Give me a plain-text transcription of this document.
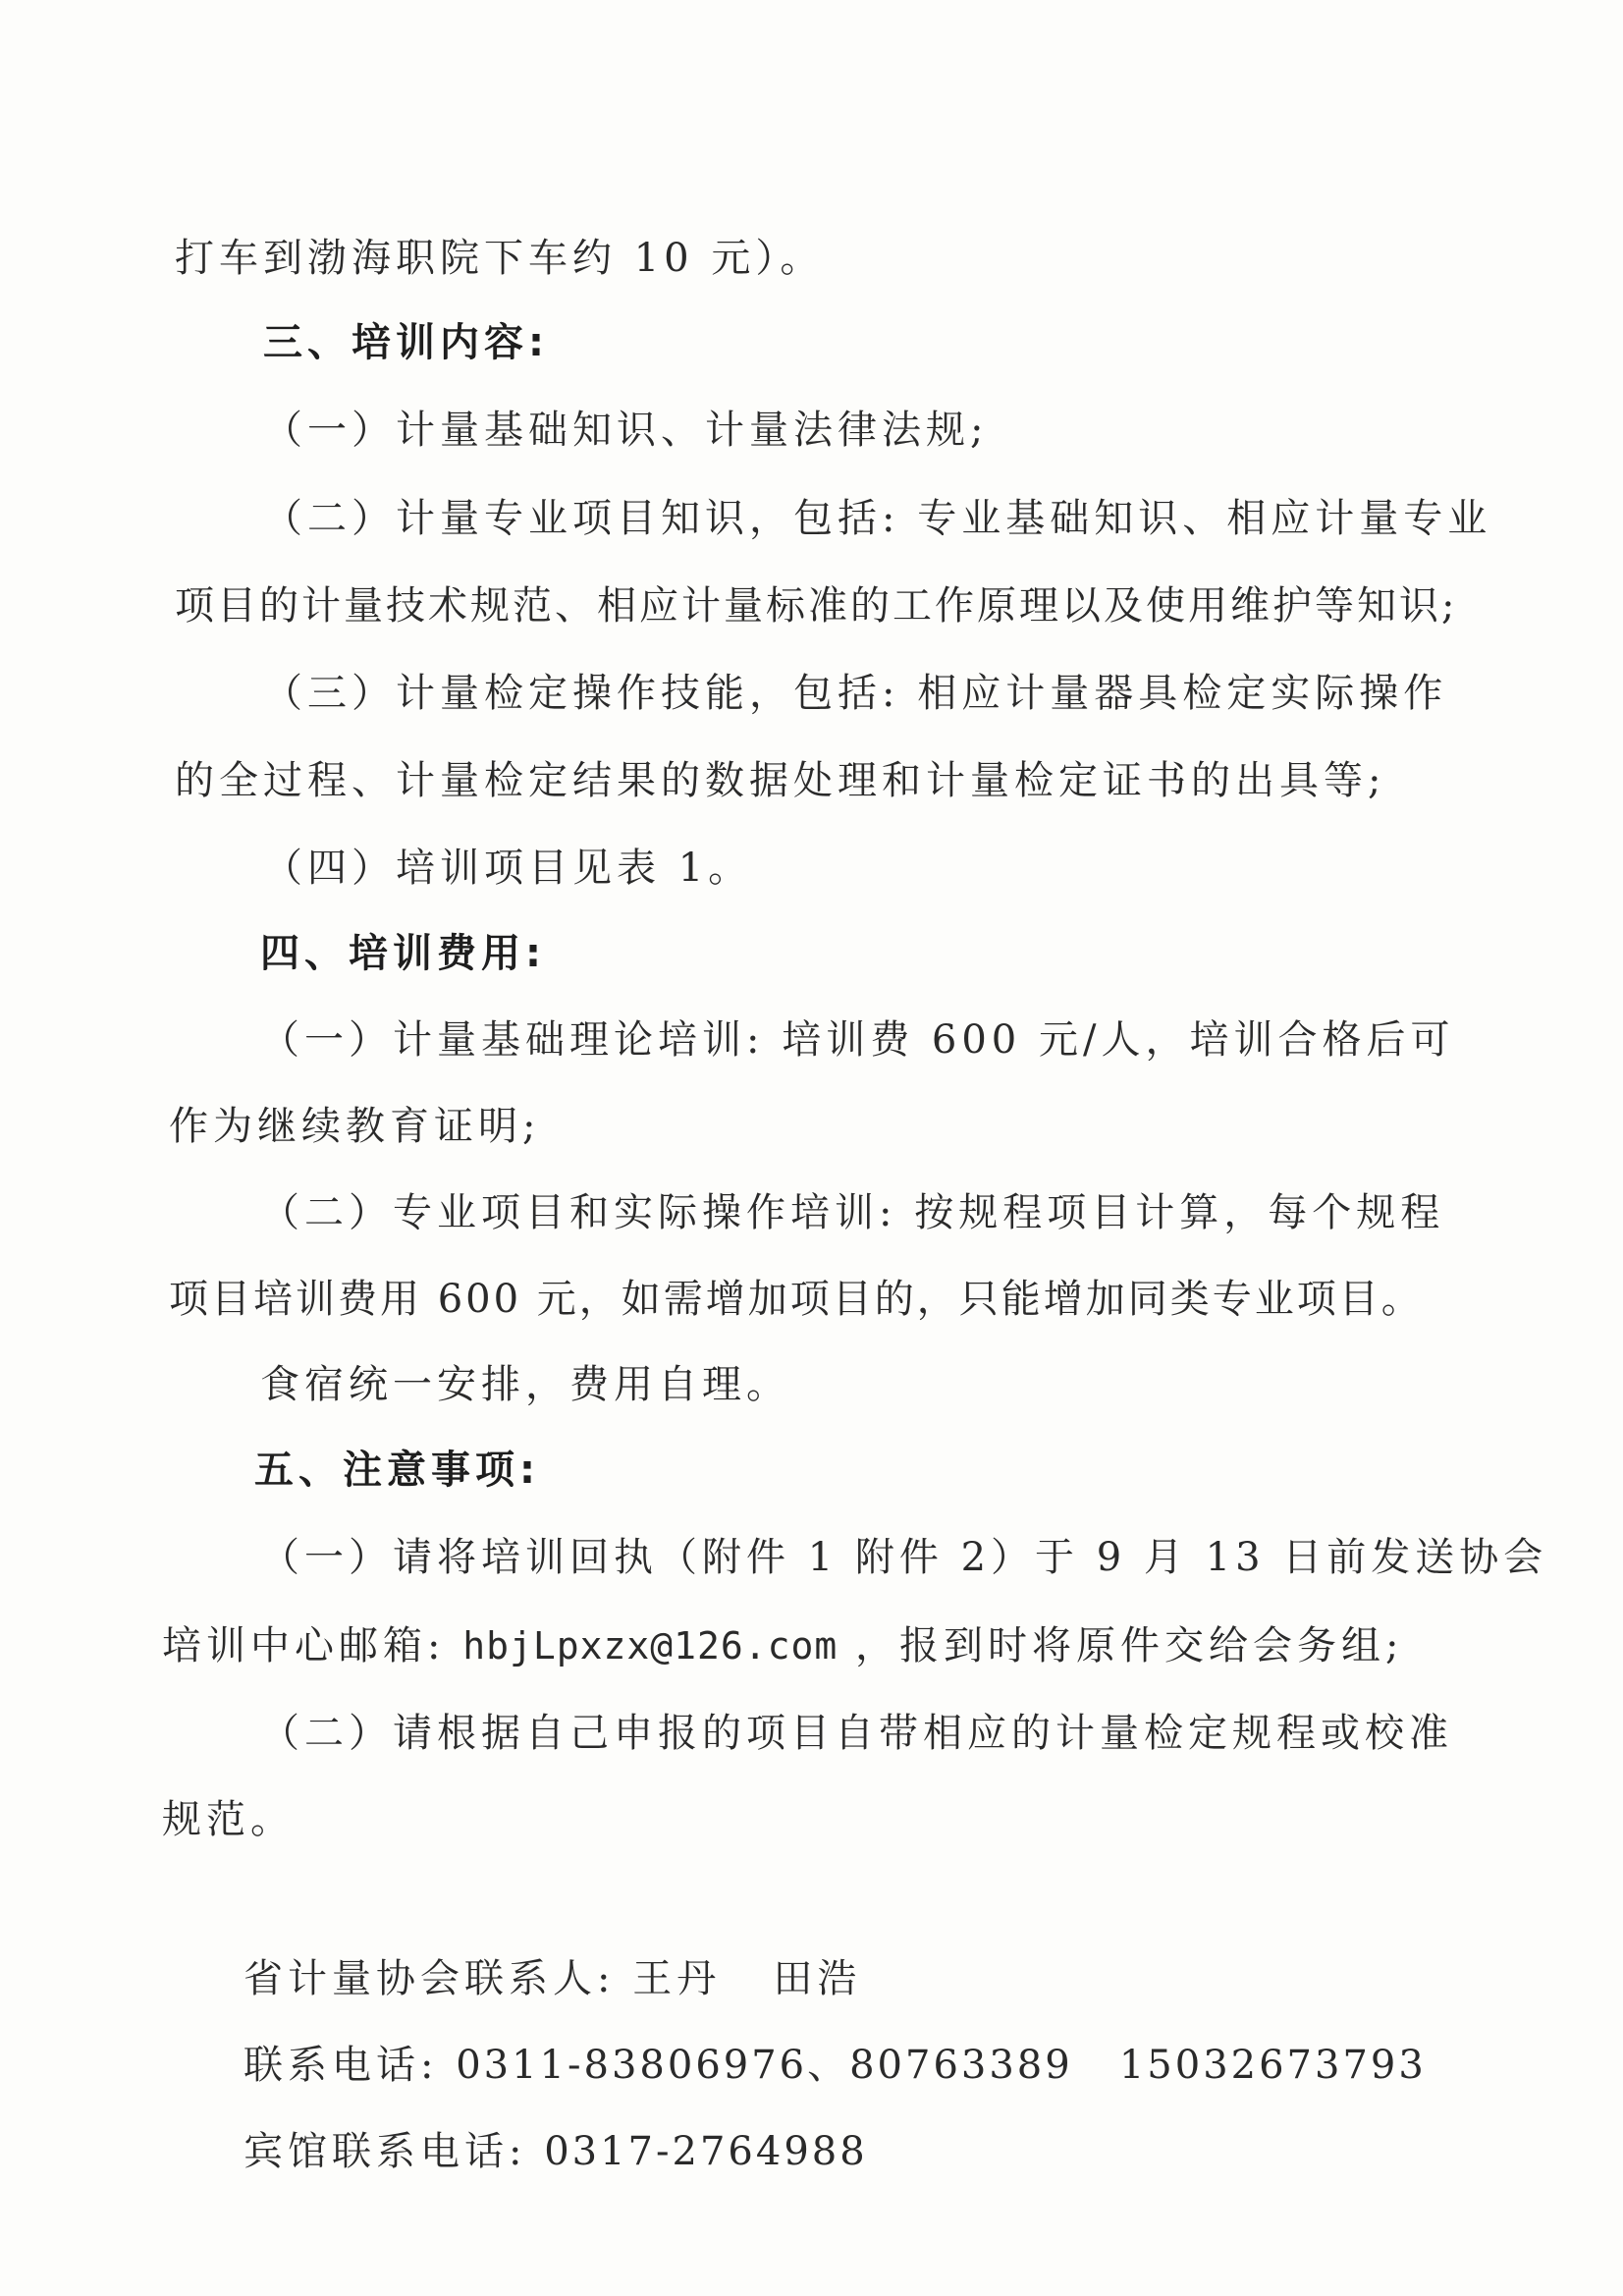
打车到渤海职院下车约 10 元）。
三、培训内容:
（一）计量基础知识、计量法律法规;
（二）计量专业项目知识，包括: 专业基础知识、相应计量专业
项目的计量技术规范、相应计量标准的工作原理以及使用维护等知识;
（三）计量检定操作技能，包括: 相应计量器具检定实际操作
的全过程、计量检定结果的数据处理和计量检定证书的出具等;
（四）培训项目见表 1。
四、培训费用:
（一）计量基础理论培训: 培训费 600 元/人，培训合格后可
作为继续教育证明;
（二）专业项目和实际操作培训: 按规程项目计算，每个规程
项目培训费用 600 元，如需增加项目的，只能增加同类专业项目。
食宿统一安排，费用自理。
五、注意事项:
（一）请将培训回执（附件 1 附件 2）于 9 月 13 日前发送协会
培训中心邮箱: hbjLpxzx@126.com ，报到时将原件交给会务组;
（二）请根据自己申报的项目自带相应的计量检定规程或校准
规范。
省计量协会联系人: 王丹   田浩
联系电话: 0311-83806976、80763389   15032673793
宾馆联系电话: 0317-2764988
